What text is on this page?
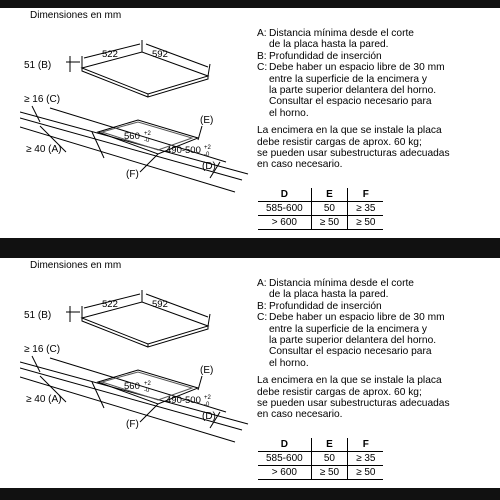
Dimensiones en mm
522	592
51 (B)
≥ 16 (C)
≥ 40 (A)
560 +2
-0
490-500 +2
-0
(E)
(D)
(F)
A: Distancia mínima desde el corte
de la placa hasta la pared.
B: Profundidad de inserción
C: Debe haber un espacio libre de 30 mm
entre la superficie de la encimera y
la parte superior delantera del horno.
Consultar el espacio necesario para
el horno.
La encimera en la que se instale la placa
debe resistir cargas de aprox. 60 kg;
se pueden usar subestructuras adecuadas
en caso necesario.
D	E	F
585-600	50	≥ 35
> 600	≥ 50	≥ 50
Dimensiones en mm
522	592
51 (B)
≥ 16 (C)
≥ 40 (A)
560 +2
-0
490-500 +2
-0
(E)
(D)
(F)
A: Distancia mínima desde el corte
de la placa hasta la pared.
B: Profundidad de inserción
C: Debe haber un espacio libre de 30 mm
entre la superficie de la encimera y
la parte superior delantera del horno.
Consultar el espacio necesario para
el horno.
La encimera en la que se instale la placa
debe resistir cargas de aprox. 60 kg;
se pueden usar subestructuras adecuadas
en caso necesario.
D	E	F
585-600	50	≥ 35
> 600	≥ 50	≥ 50
